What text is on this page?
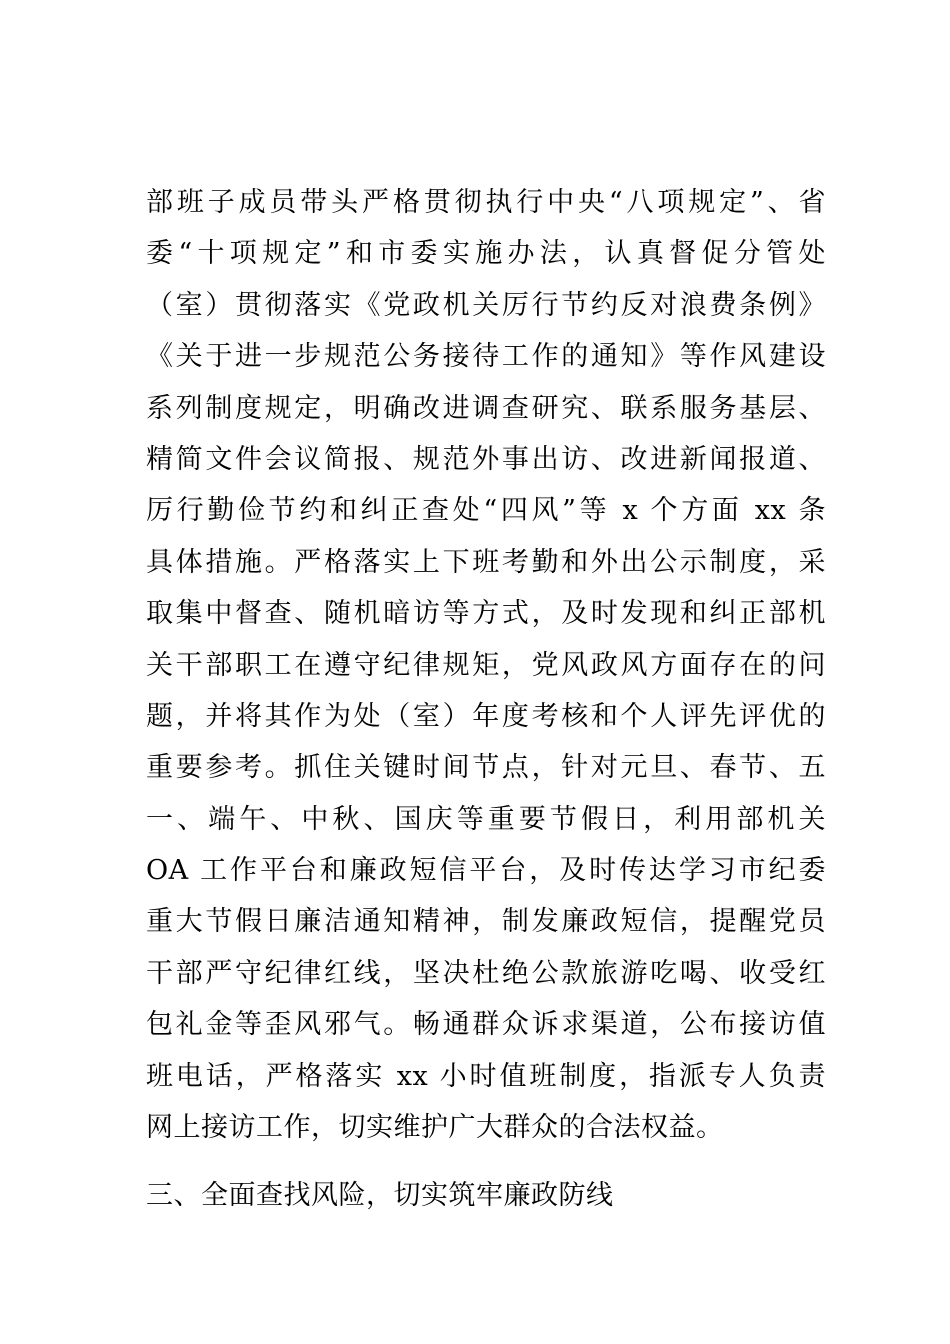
部班子成员带头严格贯彻执行中央“八项规定”、省
委“十项规定”和市委实施办法，认真督促分管处
（室）贯彻落实《党政机关厉行节约反对浪费条例》
《关于进一步规范公务接待工作的通知》等作风建设
系列制度规定，明确改进调查研究、联系服务基层、
精简文件会议简报、规范外事出访、改进新闻报道、
厉行勤俭节约和纠正查处“四风”等 x 个方面 xx 条
具体措施。严格落实上下班考勤和外出公示制度，采
取集中督查、随机暗访等方式，及时发现和纠正部机
关干部职工在遵守纪律规矩，党风政风方面存在的问
题，并将其作为处（室）年度考核和个人评先评优的
重要参考。抓住关键时间节点，针对元旦、春节、五
一、端午、中秋、国庆等重要节假日，利用部机关
OA 工作平台和廉政短信平台，及时传达学习市纪委
重大节假日廉洁通知精神，制发廉政短信，提醒党员
干部严守纪律红线，坚决杜绝公款旅游吃喝、收受红
包礼金等歪风邪气。畅通群众诉求渠道，公布接访值
班电话，严格落实 xx 小时值班制度，指派专人负责
网上接访工作，切实维护广大群众的合法权益。
三、全面查找风险，切实筑牢廉政防线
